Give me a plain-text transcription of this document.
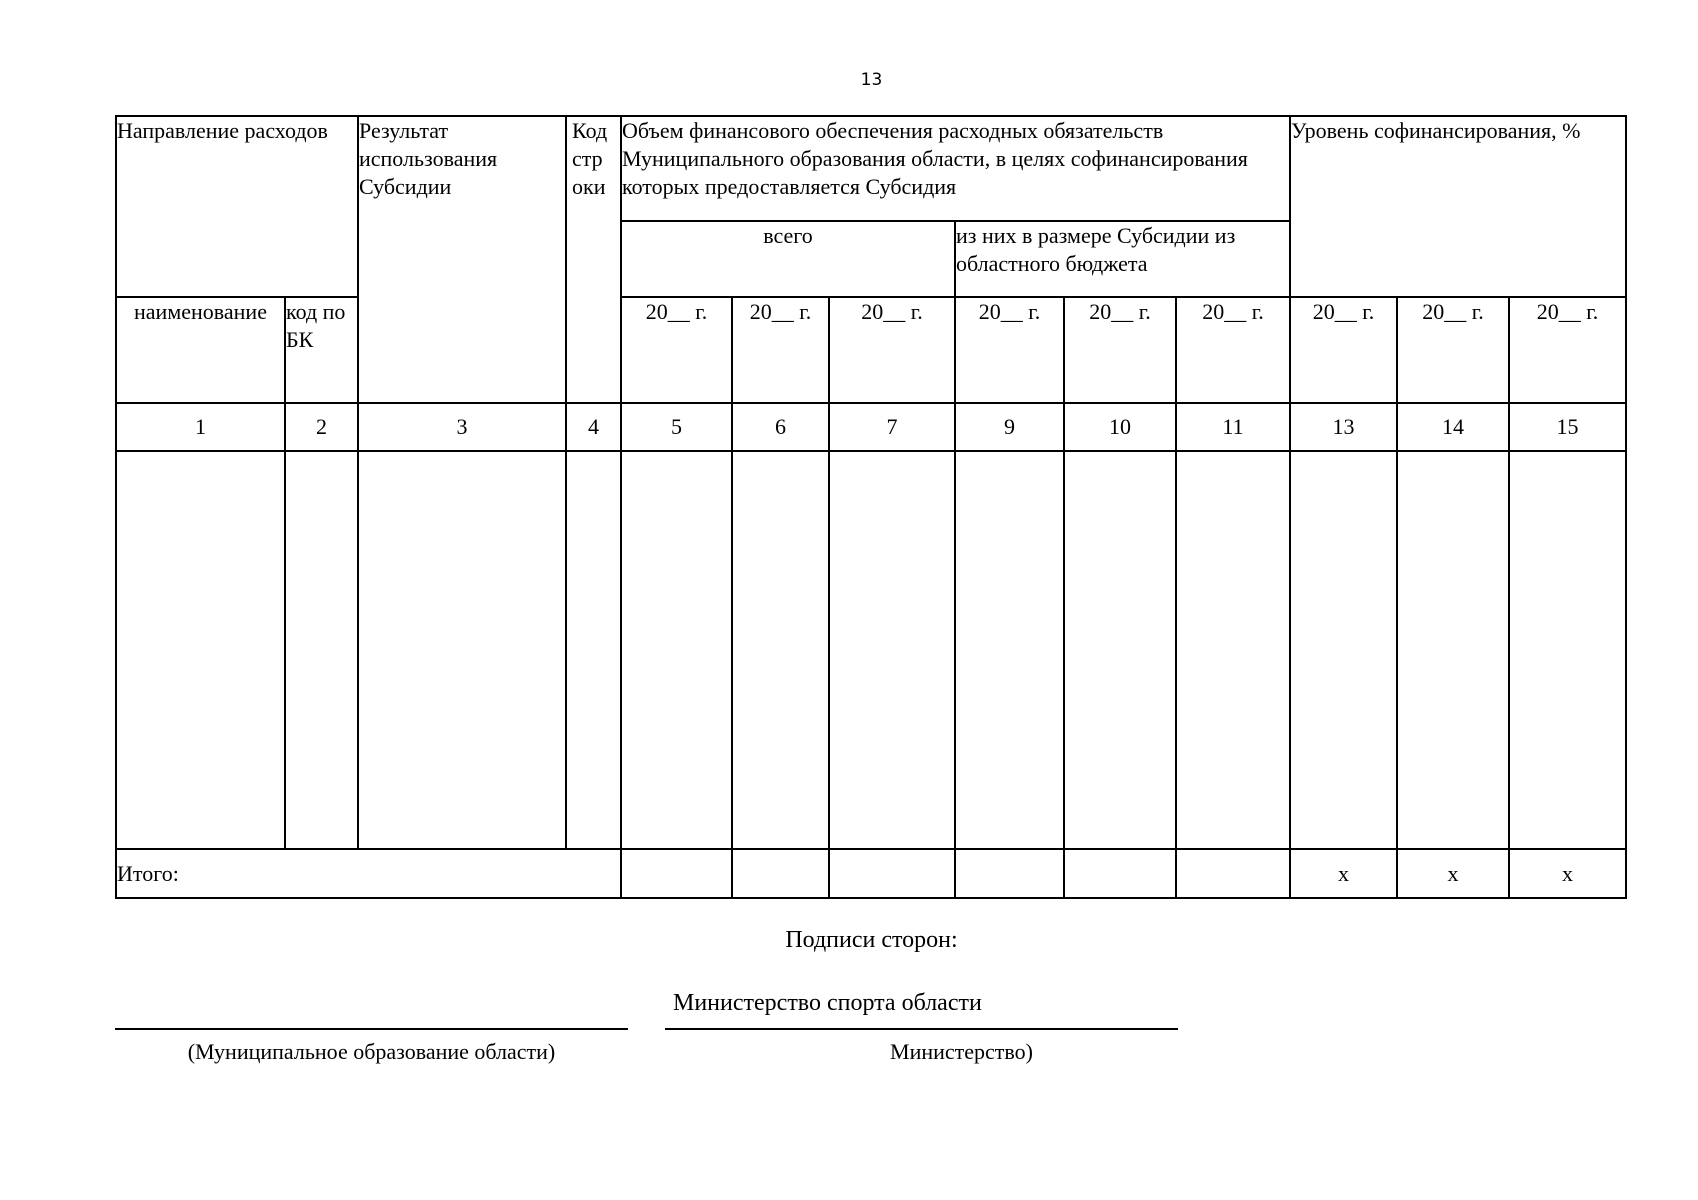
13
Направление расходов		Результат использования Субсидии	Код стр оки	Объем финансового обеспечения расходных обязательств Муниципального образования области, в целях софинансирования которых предоставляется Субсидия						Уровень софинансирования, %		
				всего			из них в размере Субсидии из областного бюджета					
наименование	код по БК			20__ г.	20__ г.	20__ г.	20__ г.	20__ г.	20__ г.	20__ г.	20__ г.	20__ г.
1	2	3	4	5	6	7	9	10	11	13	14	15

Итого:										х	х	х
Подписи сторон:
(Муниципальное образование области)
Министерство спорта области
Министерство)
